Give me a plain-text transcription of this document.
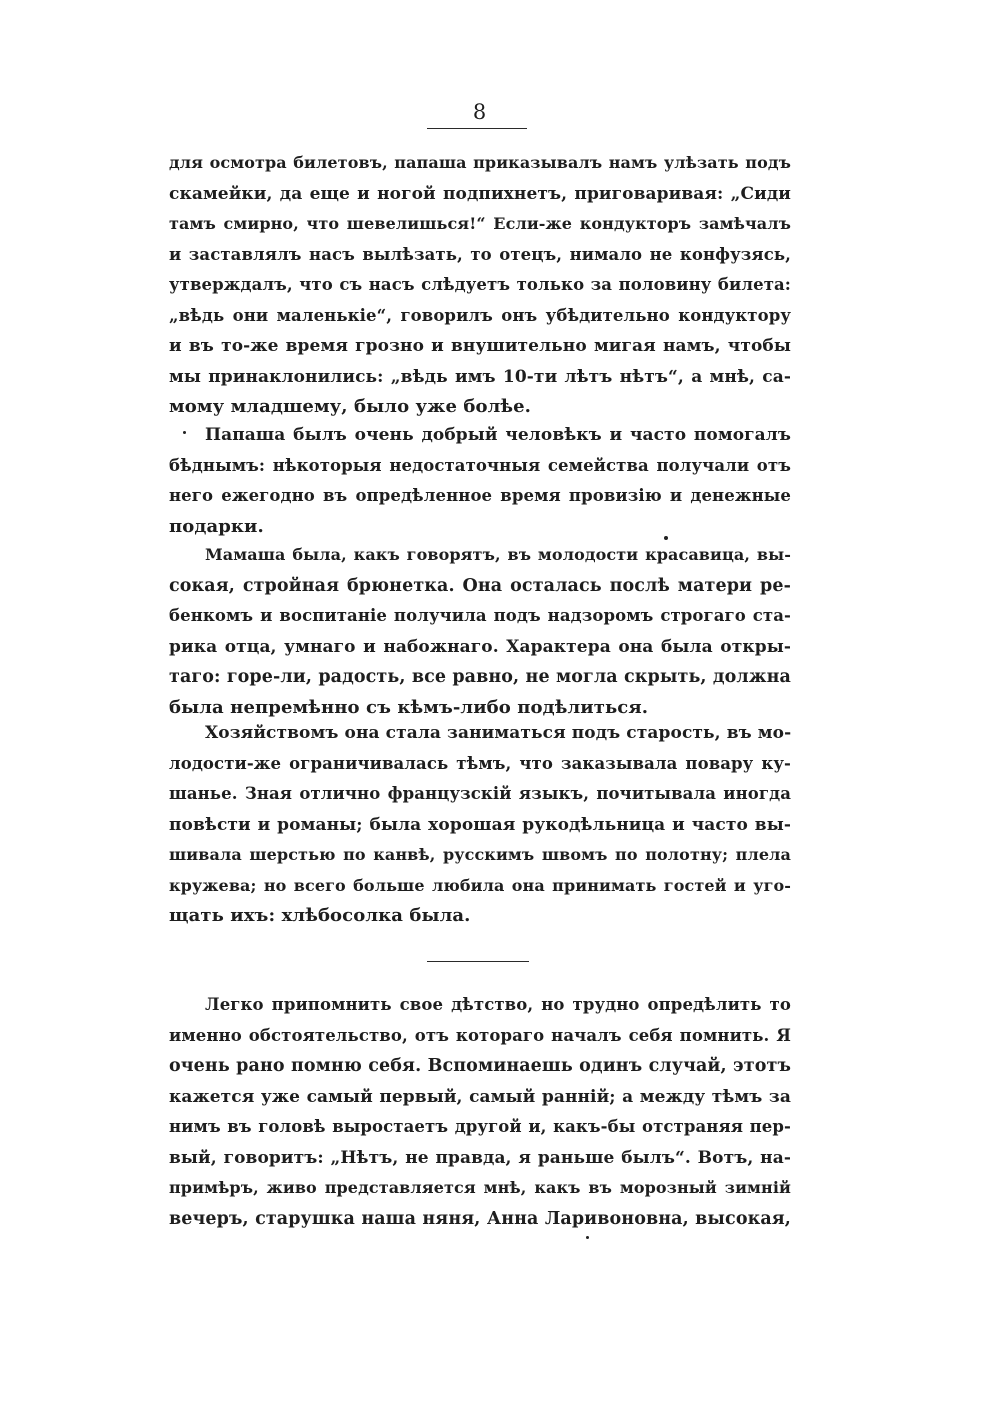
8
для осмотра билетовъ, папаша приказывалъ намъ улѣзать подъ
скамейки, да еще и ногой подпихнетъ, приговаривая: „Сиди
тамъ смирно, что шевелишься!“ Если-же кондукторъ замѣчалъ
и заставлялъ насъ вылѣзать, то отецъ, нимало не конфузясь,
утверждалъ, что съ насъ слѣдуетъ только за половину билета:
„вѣдь они маленькіе“, говорилъ онъ убѣдительно кондуктору
и въ то-же время грозно и внушительно мигая намъ, чтобы
мы принаклонились: „вѣдь имъ 10-ти лѣтъ нѣтъ“, а мнѣ, са-
мому младшему, было уже болѣе.
Папаша былъ очень добрый человѣкъ и часто помогалъ
бѣднымъ: нѣкоторыя недостаточныя семейства получали отъ
него ежегодно въ опредѣленное время провизію и денежные
подарки.
Мамаша была, какъ говорятъ, въ молодости красавица, вы-
сокая, стройная брюнетка. Она осталась послѣ матери ре-
бенкомъ и воспитаніе получила подъ надзоромъ строгаго ста-
рика отца, умнаго и набожнаго. Характера она была откры-
таго: горе-ли, радость, все равно, не могла скрыть, должна
была непремѣнно съ кѣмъ-либо подѣлиться.
Хозяйствомъ она стала заниматься подъ старость, въ мо-
лодости-же ограничивалась тѣмъ, что заказывала повару ку-
шанье. Зная отлично французскій языкъ, почитывала иногда
повѣсти и романы; была хорошая рукодѣльница и часто вы-
шивала шерстью по канвѣ, русскимъ швомъ по полотну; плела
кружева; но всего больше любила она принимать гостей и уго-
щать ихъ: хлѣбосолка была.
Легко припомнить свое дѣтство, но трудно опредѣлить то
именно обстоятельство, отъ котораго началъ себя помнить. Я
очень рано помню себя. Вспоминаешь одинъ случай, этотъ
кажется уже самый первый, самый ранній; а между тѣмъ за
нимъ въ головѣ выростаетъ другой и, какъ-бы отстраняя пер-
вый, говоритъ: „Нѣтъ, не правда, я раньше былъ“. Вотъ, на-
примѣръ, живо представляется мнѣ, какъ въ морозный зимній
вечеръ, старушка наша няня, Анна Ларивоновна, высокая,
